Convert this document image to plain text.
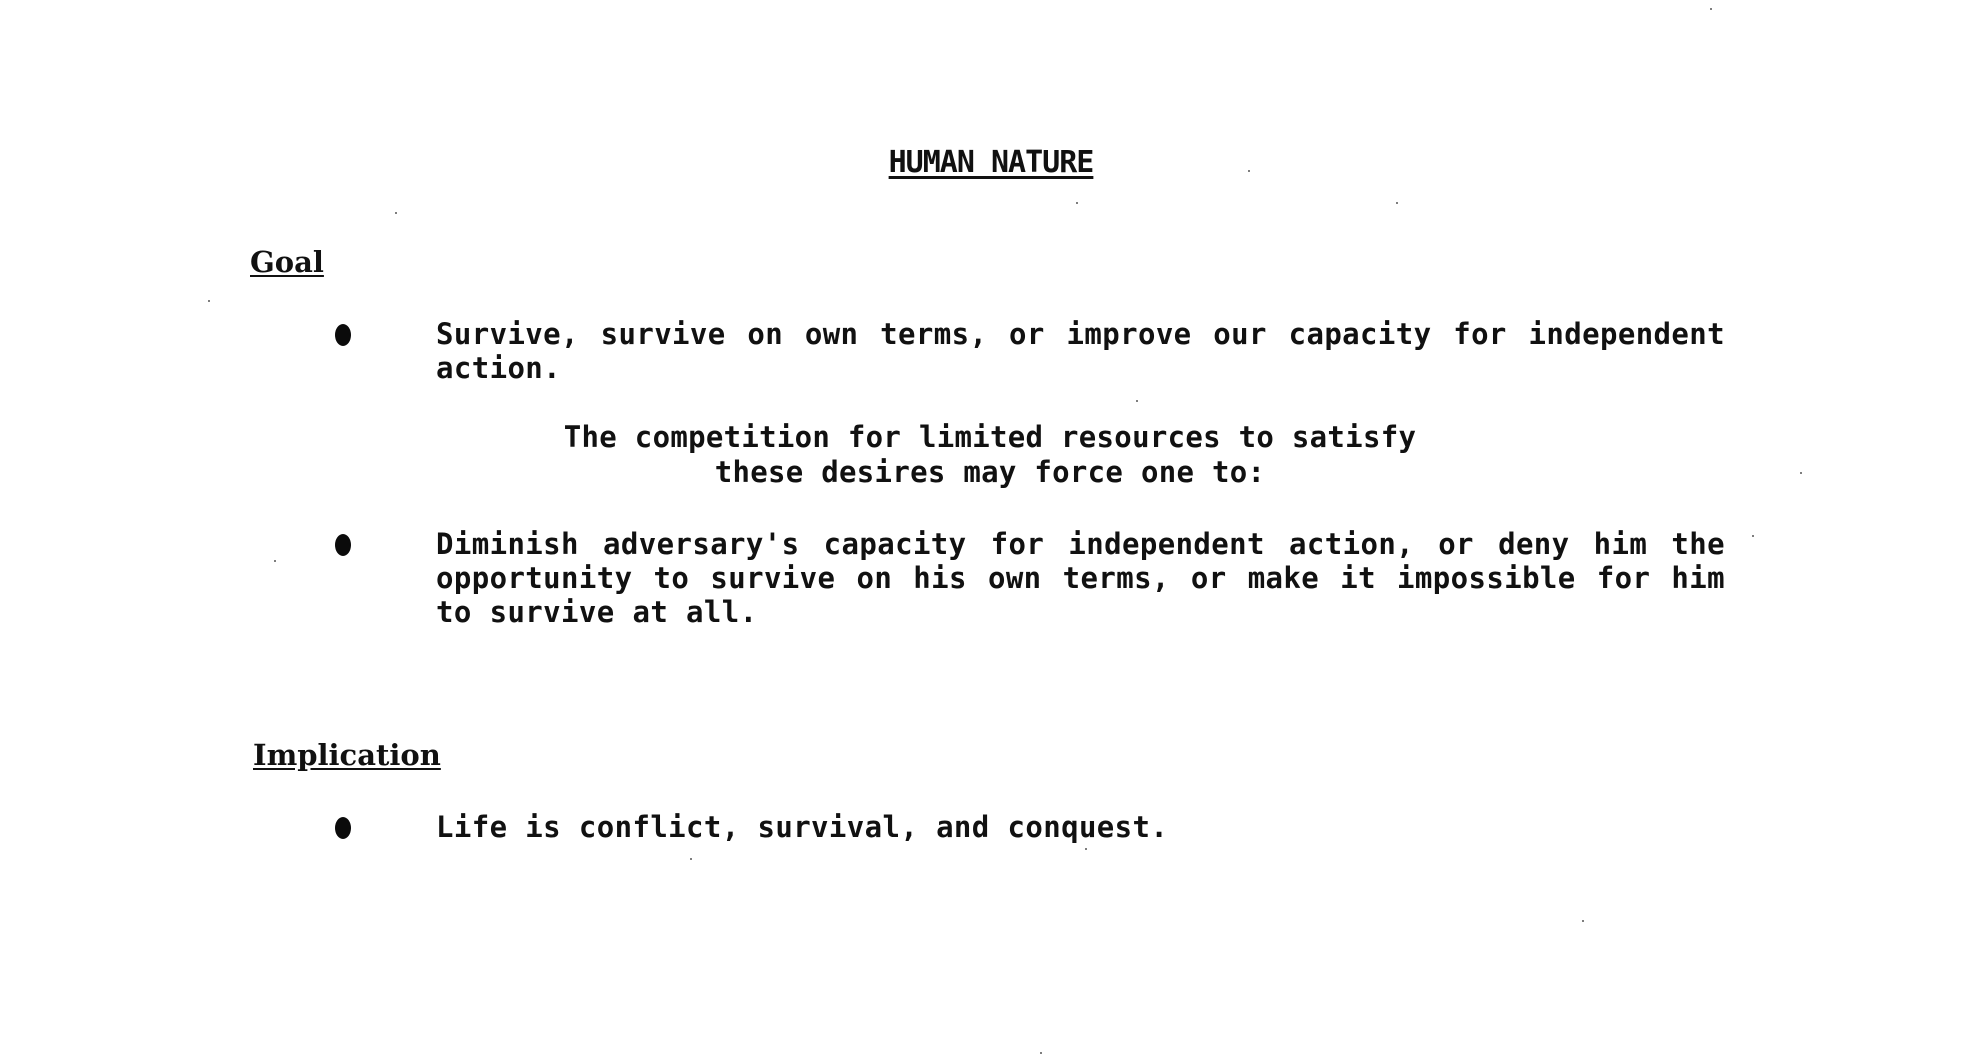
HUMAN NATURE
Goal
Survive, survive on own terms, or improve our capacity for independent action.
The competition for limited resources to satisfy
these desires may force one to:
Diminish adversary's capacity for independent action, or deny him the opportunity to survive on his own terms, or make it impossible for him to survive at all.
Implication
Life is conflict, survival, and conquest.
